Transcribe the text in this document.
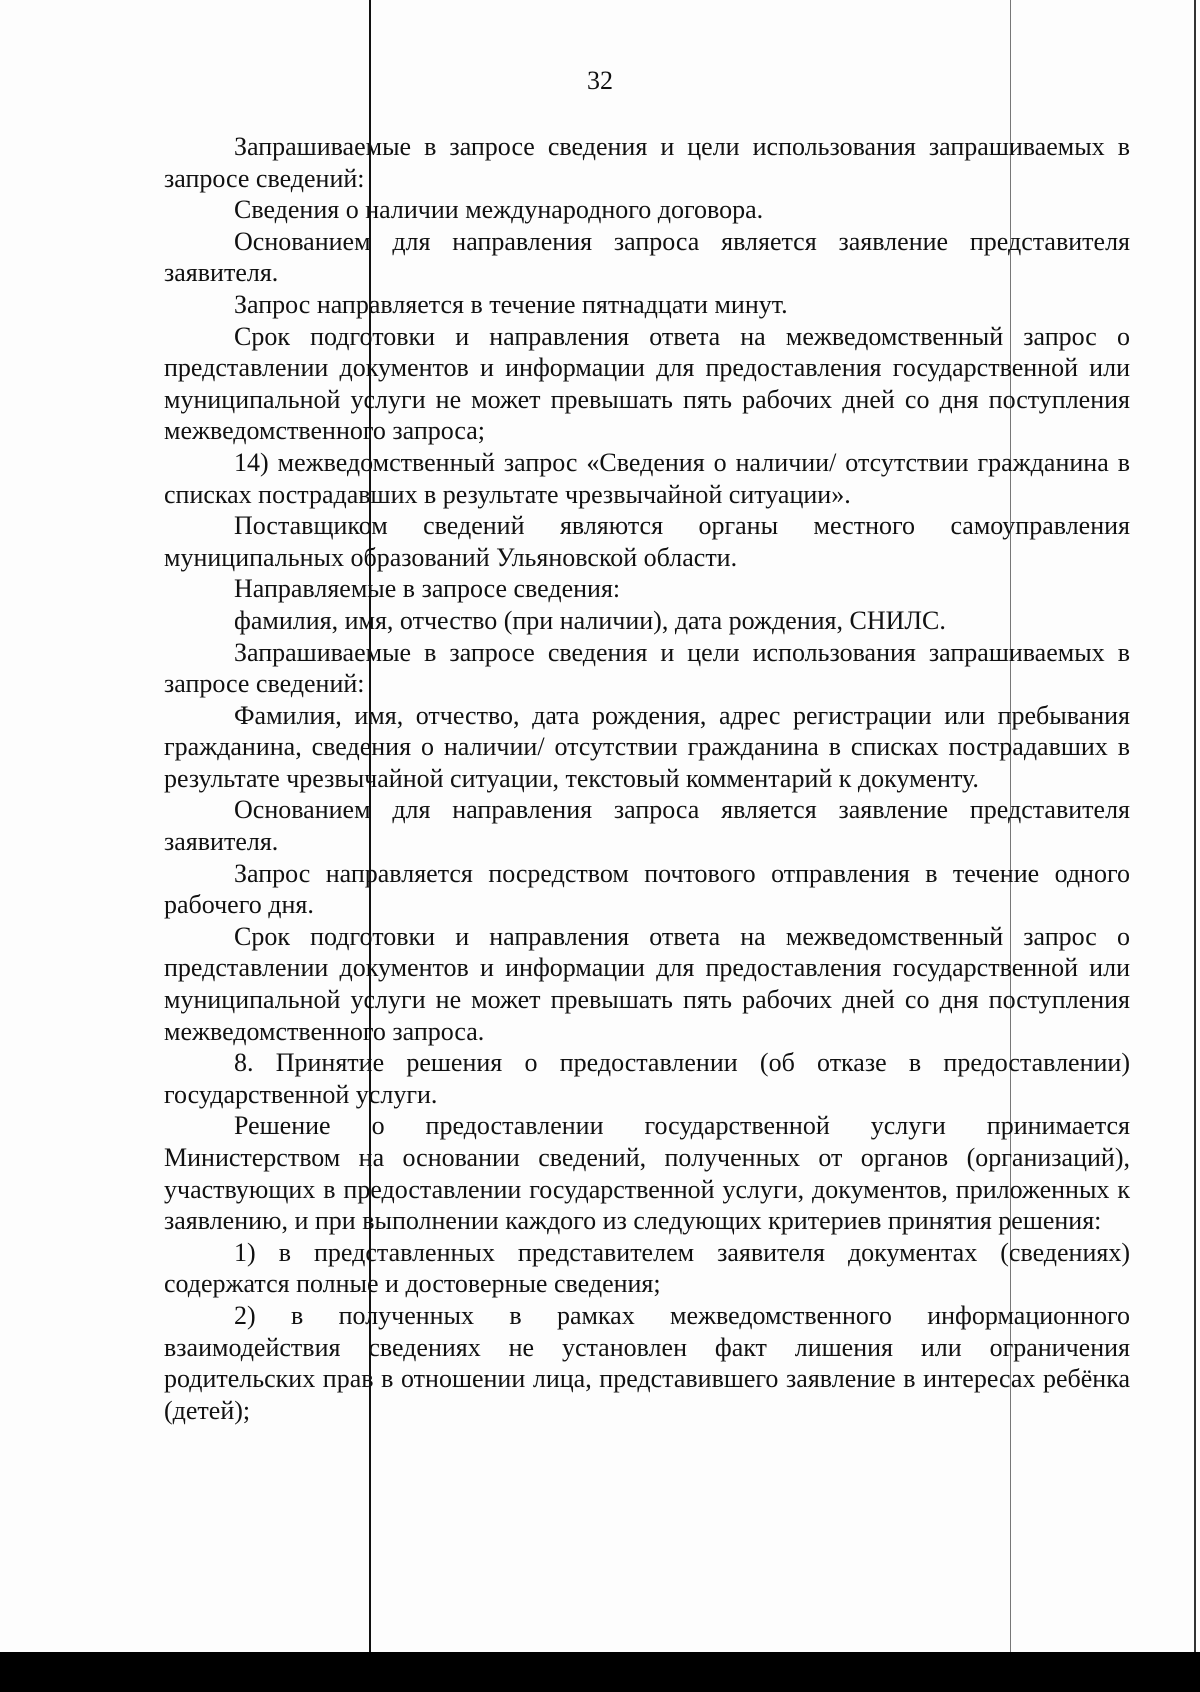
32

Запрашиваемые в запросе сведения и цели использования запрашиваемых в запросе сведений:

Сведения о наличии международного договора.

Основанием для направления запроса является заявление представителя заявителя.

Запрос направляется в течение пятнадцати минут.

Срок подготовки и направления ответа на межведомственный запрос о представлении документов и информации для предоставления государственной или муниципальной услуги не может превышать пять рабочих дней со дня поступления межведомственного запроса;

14) межведомственный запрос «Сведения о наличии/ отсутствии гражданина в списках пострадавших в результате чрезвычайной ситуации».

Поставщиком сведений являются органы местного самоуправления муниципальных образований Ульяновской области.

Направляемые в запросе сведения:

фамилия, имя, отчество (при наличии), дата рождения, СНИЛС.

Запрашиваемые в запросе сведения и цели использования запрашиваемых в запросе сведений:

Фамилия, имя, отчество, дата рождения, адрес регистрации или пребывания гражданина, сведения о наличии/ отсутствии гражданина в списках пострадавших в результате чрезвычайной ситуации, текстовый комментарий к документу.

Основанием для направления запроса является заявление представителя заявителя.

Запрос направляется посредством почтового отправления в течение одного рабочего дня.

Срок подготовки и направления ответа на межведомственный запрос о представлении документов и информации для предоставления государственной или муниципальной услуги не может превышать пять рабочих дней со дня поступления межведомственного запроса.

8. Принятие решения о предоставлении (об отказе в предоставлении) государственной услуги.

Решение о предоставлении государственной услуги принимается Министерством на основании сведений, полученных от органов (организаций), участвующих в предоставлении государственной услуги, документов, приложенных к заявлению, и при выполнении каждого из следующих критериев принятия решения:

1) в представленных представителем заявителя документах (сведениях) содержатся полные и достоверные сведения;

2) в полученных в рамках межведомственного информационного взаимодействия сведениях не установлен факт лишения или ограничения родительских прав в отношении лица, представившего заявление в интересах ребёнка (детей);
